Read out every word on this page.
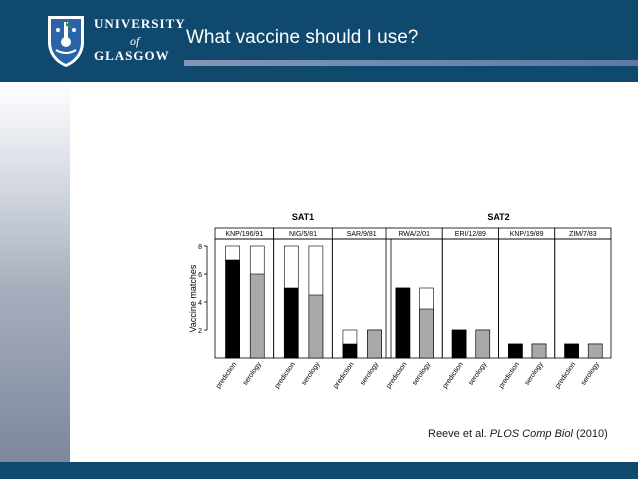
UNIVERSITY
of
GLASGOW
What vaccine should I use?
2
4
6
8
Vaccine matches
SAT1
KNP/196/91
prediction serology
NIG/5/81
prediction serology
SAR/9/81
prediction serology
SAT2
RWA/2/01
prediction serology
ERI/12/89
prediction serology
KNP/19/89
prediction serology
ZIM/7/83
prediction serology
Reeve et al. PLOS Comp Biol (2010)
